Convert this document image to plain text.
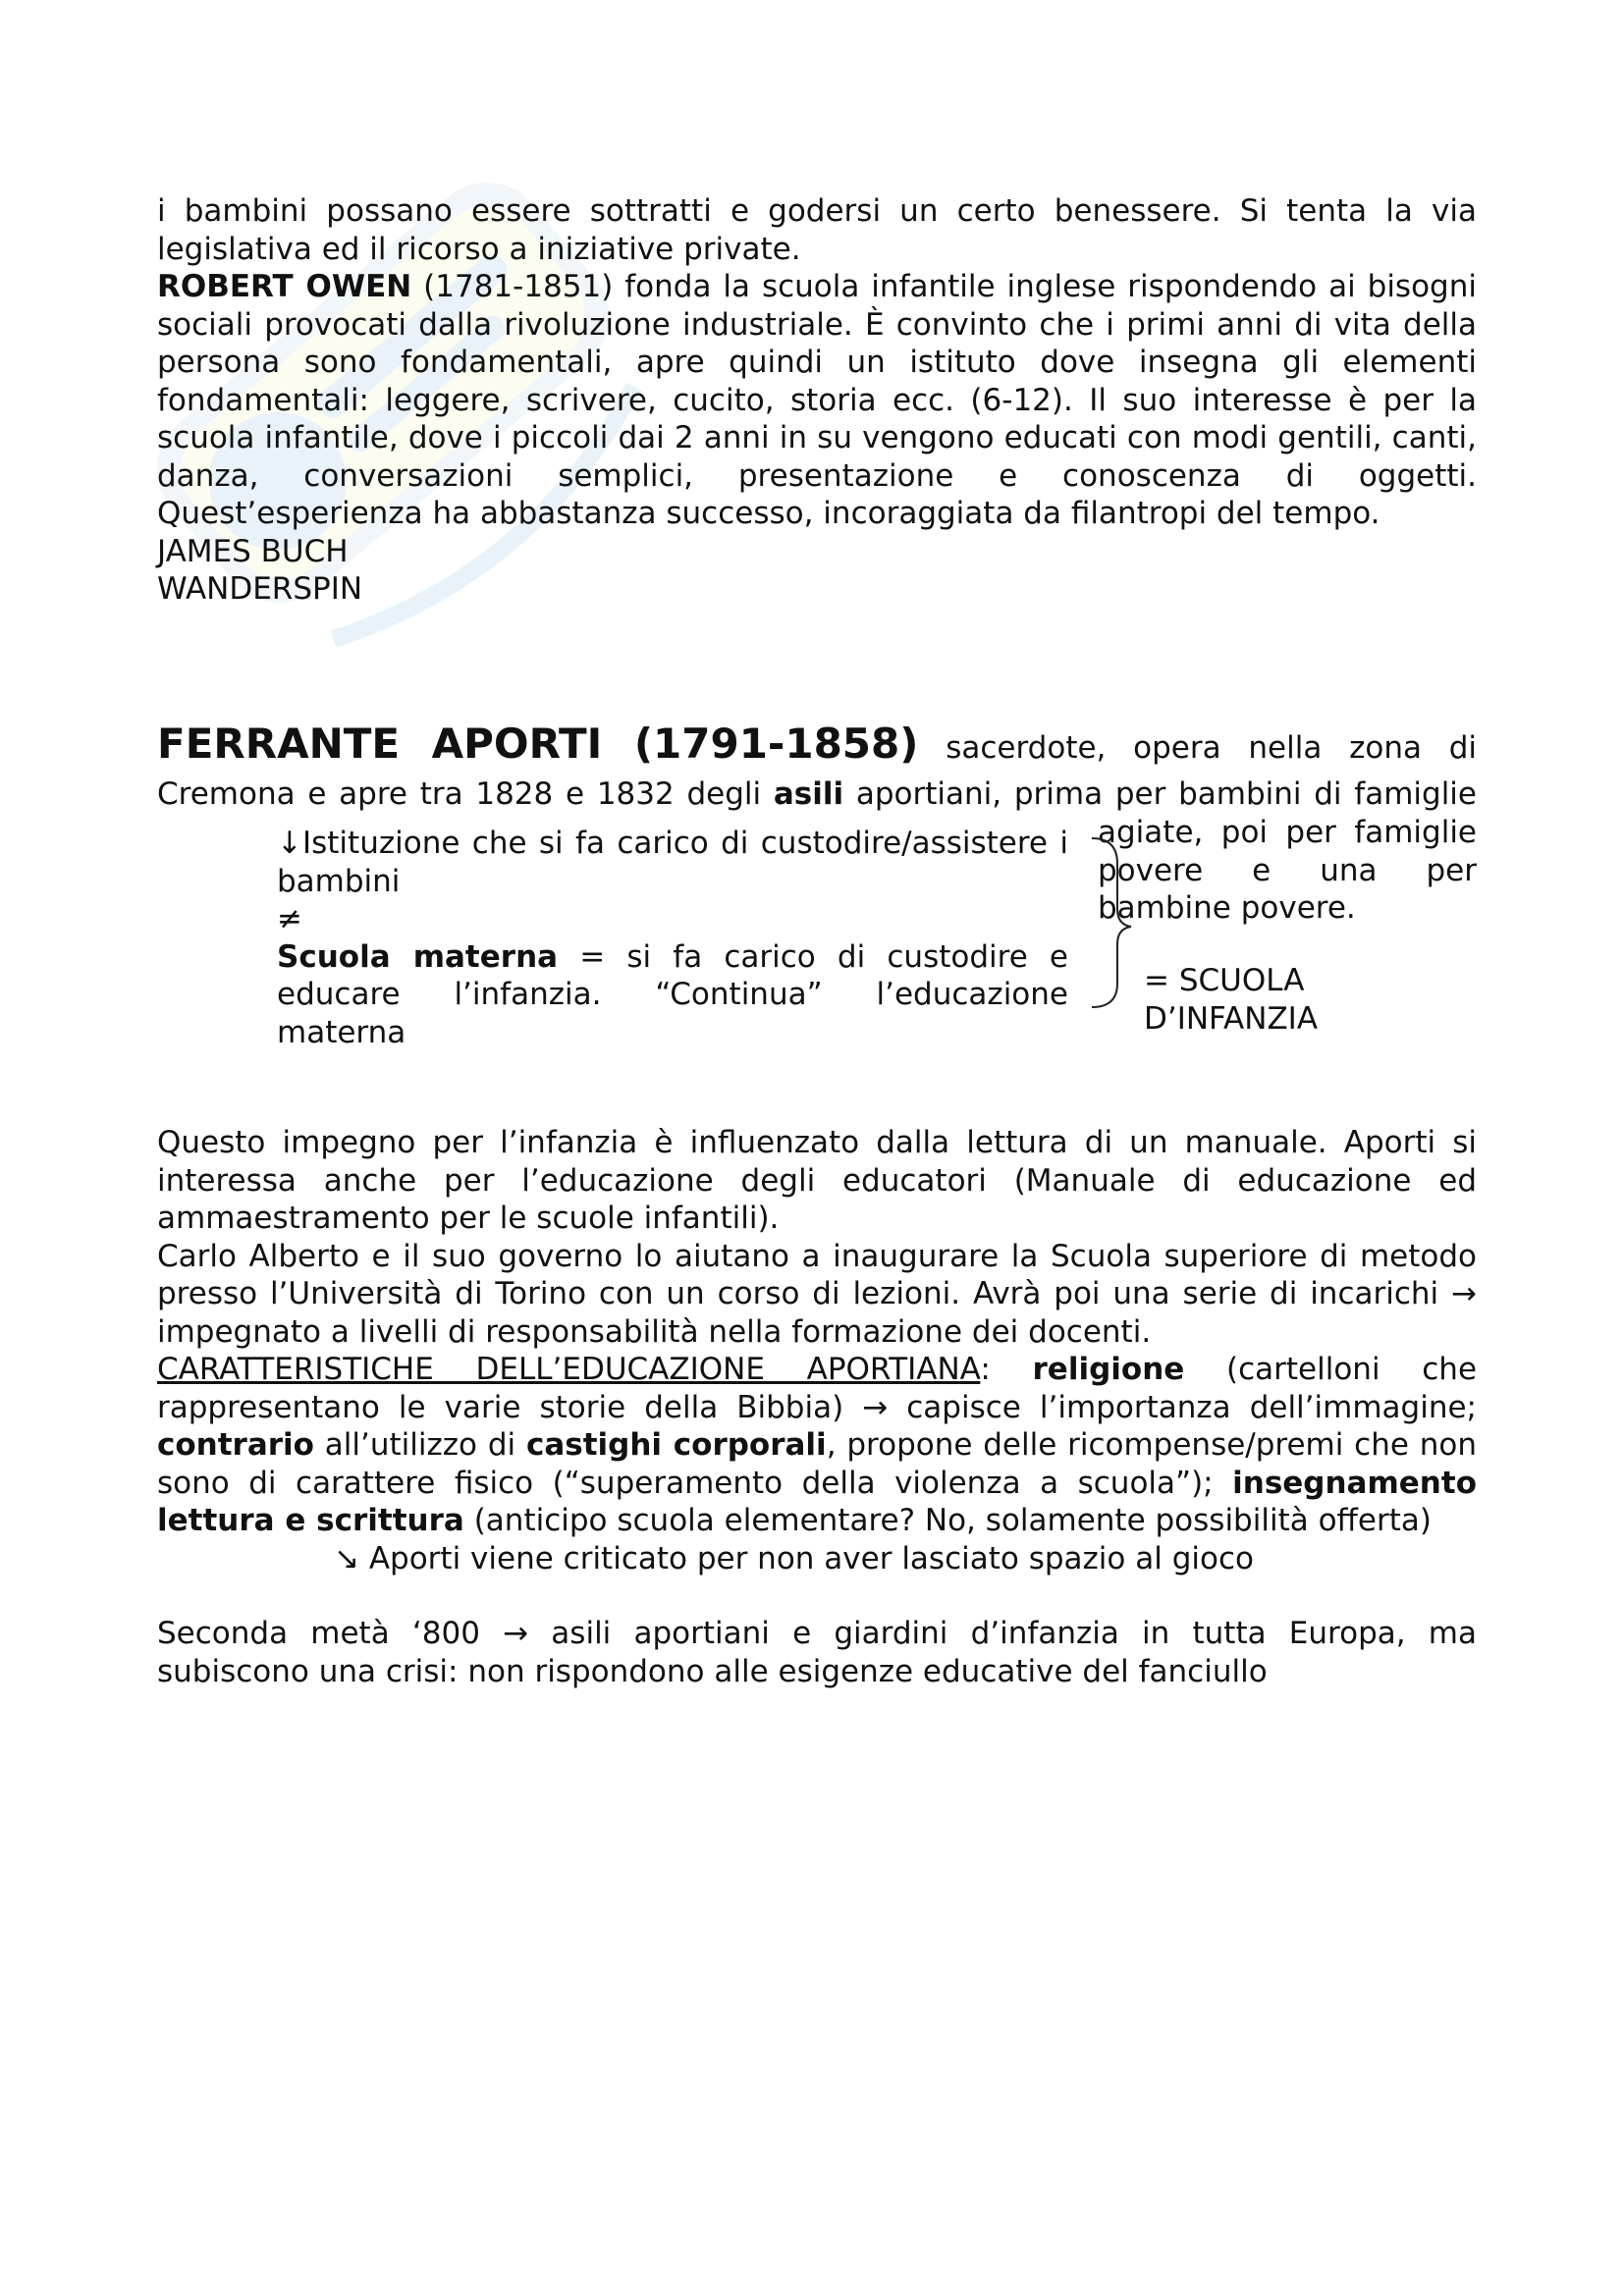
i bambini possano essere sottratti e godersi un certo benessere. Si tenta la via legislativa ed il ricorso a iniziative private.

ROBERT OWEN (1781-1851) fonda la scuola infantile inglese rispondendo ai bisogni sociali provocati dalla rivoluzione industriale. È convinto che i primi anni di vita della persona sono fondamentali, apre quindi un istituto dove insegna gli elementi fondamentali: leggere, scrivere, cucito, storia ecc. (6-12). Il suo interesse è per la scuola infantile, dove i piccoli dai 2 anni in su vengono educati con modi gentili, canti, danza, conversazioni semplici, presentazione e conoscenza di oggetti. Quest’esperienza ha abbastanza successo, incoraggiata da filantropi del tempo.

JAMES BUCH

WANDERSPIN

FERRANTE APORTI (1791-1858) sacerdote, opera nella zona di

Cremona e apre tra 1828 e 1832 degli asili aportiani, prima per bambini di famiglie

agiate, poi per famiglie povere e una per bambine povere.

↓Istituzione che si fa carico di custodire/assistere i bambini

≠

Scuola materna = si fa carico di custodire e educare l’infanzia. “Continua” l’educazione materna

= SCUOLA D’INFANZIA

Questo impegno per l’infanzia è influenzato dalla lettura di un manuale. Aporti si interessa anche per l’educazione degli educatori (Manuale di educazione ed ammaestramento per le scuole infantili).

Carlo Alberto e il suo governo lo aiutano a inaugurare la Scuola superiore di metodo presso l’Università di Torino con un corso di lezioni. Avrà poi una serie di incarichi → impegnato a livelli di responsabilità nella formazione dei docenti.

CARATTERISTICHE DELL’EDUCAZIONE APORTIANA: religione (cartelloni che rappresentano le varie storie della Bibbia) → capisce l’importanza dell’immagine; contrario all’utilizzo di castighi corporali, propone delle ricompense/premi che non sono di carattere fisico (“superamento della violenza a scuola”); insegnamento lettura e scrittura (anticipo scuola elementare? No, solamente possibilità offerta)

↘ Aporti viene criticato per non aver lasciato spazio al gioco

Seconda metà ‘800 → asili aportiani e giardini d’infanzia in tutta Europa, ma subiscono una crisi: non rispondono alle esigenze educative del fanciullo
